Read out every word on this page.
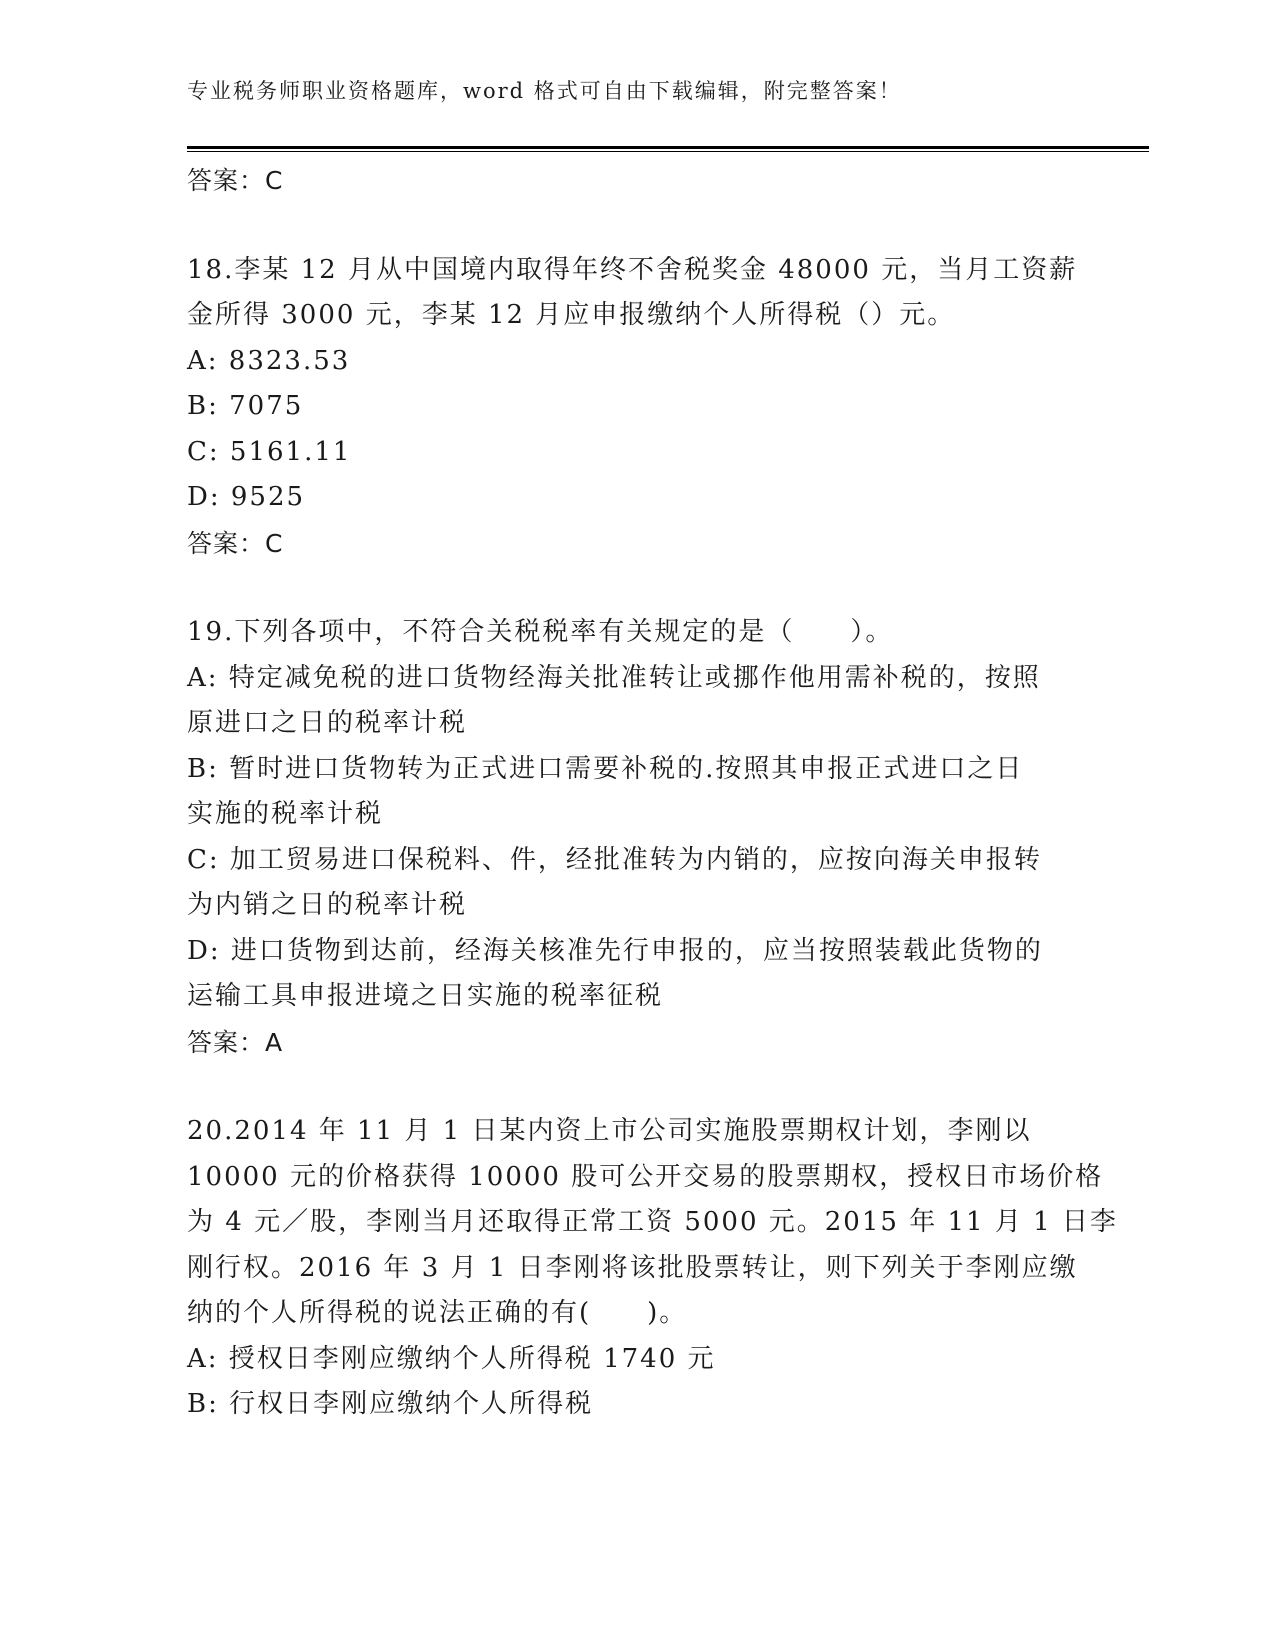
专业税务师职业资格题库，word 格式可自由下载编辑，附完整答案！
答案：C
18.李某 12 月从中国境内取得年终不舍税奖金 48000 元，当月工资薪
金所得 3000 元，李某 12 月应申报缴纳个人所得税（）元。
A: 8323.53
B: 7075
C: 5161.11
D: 9525
答案：C
19.下列各项中，不符合关税税率有关规定的是（　　）。
A: 特定减免税的进口货物经海关批准转让或挪作他用需补税的，按照
原进口之日的税率计税
B: 暂时进口货物转为正式进口需要补税的.按照其申报正式进口之日
实施的税率计税
C: 加工贸易进口保税料、件，经批准转为内销的，应按向海关申报转
为内销之日的税率计税
D: 进口货物到达前，经海关核准先行申报的，应当按照装载此货物的
运输工具申报进境之日实施的税率征税
答案：A
20.2014 年 11 月 1 日某内资上市公司实施股票期权计划，李刚以
10000 元的价格获得 10000 股可公开交易的股票期权，授权日市场价格
为 4 元／股，李刚当月还取得正常工资 5000 元。2015 年 11 月 1 日李
刚行权。2016 年 3 月 1 日李刚将该批股票转让，则下列关于李刚应缴
纳的个人所得税的说法正确的有(　　)。
A: 授权日李刚应缴纳个人所得税 1740 元
B: 行权日李刚应缴纳个人所得税
